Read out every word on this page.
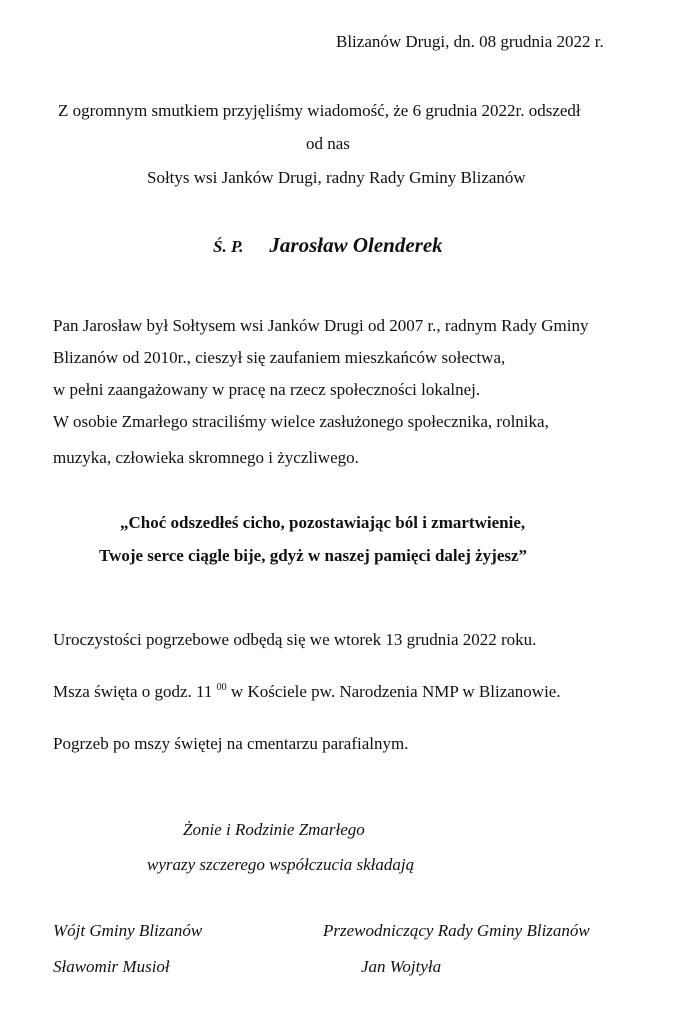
Blizanów Drugi, dn. 08 grudnia 2022 r.
Z ogromnym smutkiem przyjęliśmy wiadomość, że 6 grudnia 2022r. odszedł
od nas
Sołtys wsi Janków Drugi, radny Rady Gminy Blizanów
Ś. P. Jarosław Olenderek
Pan Jarosław był Sołtysem wsi Janków Drugi od 2007 r., radnym Rady Gminy
Blizanów od 2010r., cieszył się zaufaniem mieszkańców sołectwa,
w pełni zaangażowany w pracę na rzecz społeczności lokalnej.
W osobie Zmarłego straciliśmy wielce zasłużonego społecznika, rolnika,
muzyka, człowieka skromnego i życzliwego.
„Choć odszedłeś cicho, pozostawiając ból i zmartwienie,
Twoje serce ciągle bije, gdyż w naszej pamięci dalej żyjesz”
Uroczystości pogrzebowe odbędą się we wtorek 13 grudnia 2022 roku.
Msza święta o godz. 11 $^{00}$ w Kościele pw. Narodzenia NMP w Blizanowie.
Pogrzeb po mszy świętej na cmentarzu parafialnym.
Żonie i Rodzinie Zmarłego
wyrazy szczerego współczucia składają
Wójt Gminy Blizanów
Sławomir Musioł
Przewodniczący Rady Gminy Blizanów
Jan Wojtyła
